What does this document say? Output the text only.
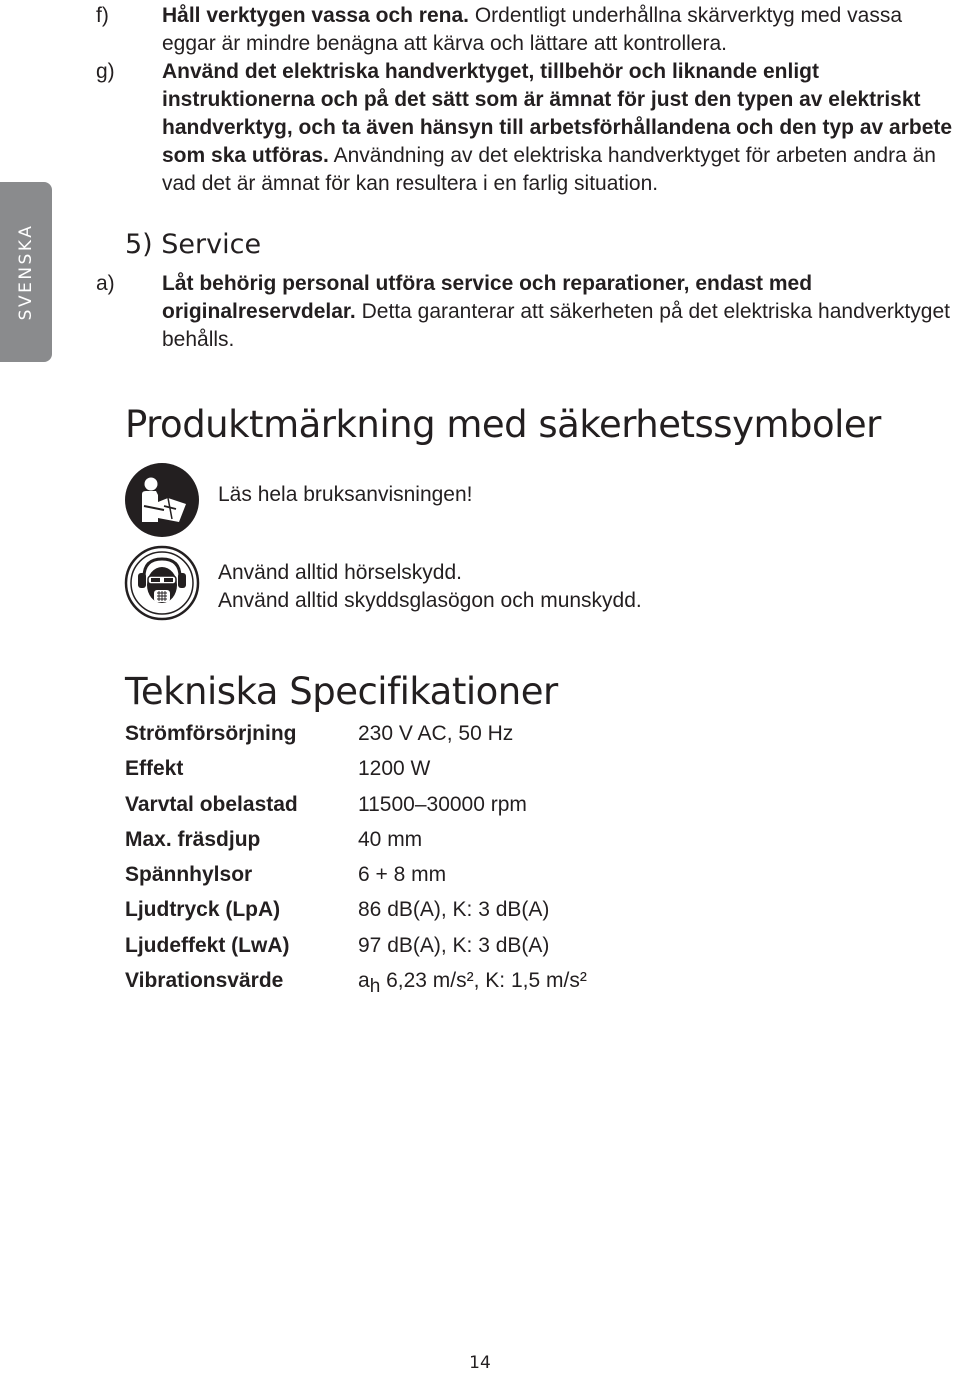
SVENSKA
f)	Håll verktygen vassa och rena. Ordentligt underhållna skärverktyg med vassa eggar är mindre benägna att kärva och lättare att kontrollera.
g) Använd det elektriska handverktyget, tillbehör och liknande enligt instruktionerna och på det sätt som är ämnat för just den typen av elektriskt handverktyg, och ta även hänsyn till arbetsförhållandena och den typ av arbete som ska utföras. Användning av det elektriska handverktyget för arbeten andra än vad det är ämnat för kan resultera i en farlig situation.
5) Service
a) Låt behörig personal utföra service och reparationer, endast med originalreservdelar. Detta garanterar att säkerheten på det elektriska handverktyget behålls.
Produktmärkning med säkerhetssymboler
Läs hela bruksanvisningen!
Använd alltid hörselskydd.
Använd alltid skyddsglasögon och munskydd.
Tekniska Specifikationer
Strömförsörjning	230 V AC, 50 Hz
Effekt	1200 W
Varvtal obelastad	11500–30000 rpm
Max. fräsdjup	40 mm
Spännhylsor	6 + 8 mm
Ljudtryck (LpA)	86 dB(A), K: 3 dB(A)
Ljudeffekt (LwA)	97 dB(A), K: 3 dB(A)
Vibrationsvärde	$a_h$ 6,23 m/s², K: 1,5 m/s²
14
